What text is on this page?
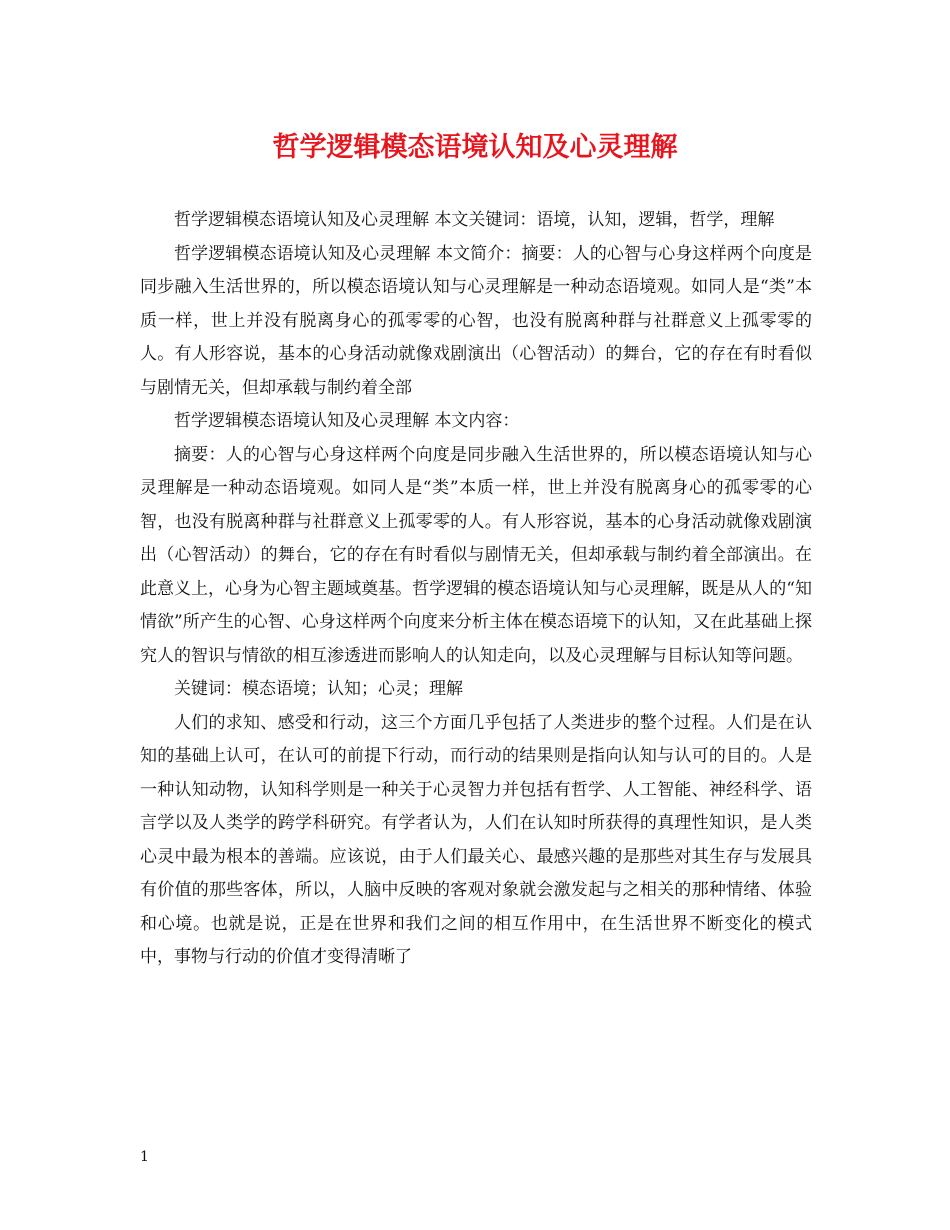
哲学逻辑模态语境认知及心灵理解

哲学逻辑模态语境认知及心灵理解 本文关键词：语境，认知，逻辑，哲学，理解

哲学逻辑模态语境认知及心灵理解 本文简介：摘要：人的心智与心身这样两个向度是同步融入生活世界的，所以模态语境认知与心灵理解是一种动态语境观。如同人是“类”本质一样，世上并没有脱离身心的孤零零的心智，也没有脱离种群与社群意义上孤零零的人。有人形容说，基本的心身活动就像戏剧演出（心智活动）的舞台，它的存在有时看似与剧情无关，但却承载与制约着全部

哲学逻辑模态语境认知及心灵理解 本文内容：

摘要：人的心智与心身这样两个向度是同步融入生活世界的，所以模态语境认知与心灵理解是一种动态语境观。如同人是“类”本质一样，世上并没有脱离身心的孤零零的心智，也没有脱离种群与社群意义上孤零零的人。有人形容说，基本的心身活动就像戏剧演出（心智活动）的舞台，它的存在有时看似与剧情无关，但却承载与制约着全部演出。在此意义上，心身为心智主题域奠基。哲学逻辑的模态语境认知与心灵理解，既是从人的“知情欲”所产生的心智、心身这样两个向度来分析主体在模态语境下的认知，又在此基础上探究人的智识与情欲的相互渗透进而影响人的认知走向，以及心灵理解与目标认知等问题。

关键词：模态语境；认知；心灵；理解

人们的求知、感受和行动，这三个方面几乎包括了人类进步的整个过程。人们是在认知的基础上认可，在认可的前提下行动，而行动的结果则是指向认知与认可的目的。人是一种认知动物，认知科学则是一种关于心灵智力并包括有哲学、人工智能、神经科学、语言学以及人类学的跨学科研究。有学者认为，人们在认知时所获得的真理性知识，是人类心灵中最为根本的善端。应该说，由于人们最关心、最感兴趣的是那些对其生存与发展具有价值的那些客体，所以，人脑中反映的客观对象就会激发起与之相关的那种情绪、体验和心境。也就是说，正是在世界和我们之间的相互作用中，在生活世界不断变化的模式中，事物与行动的价值才变得清晰了

1
